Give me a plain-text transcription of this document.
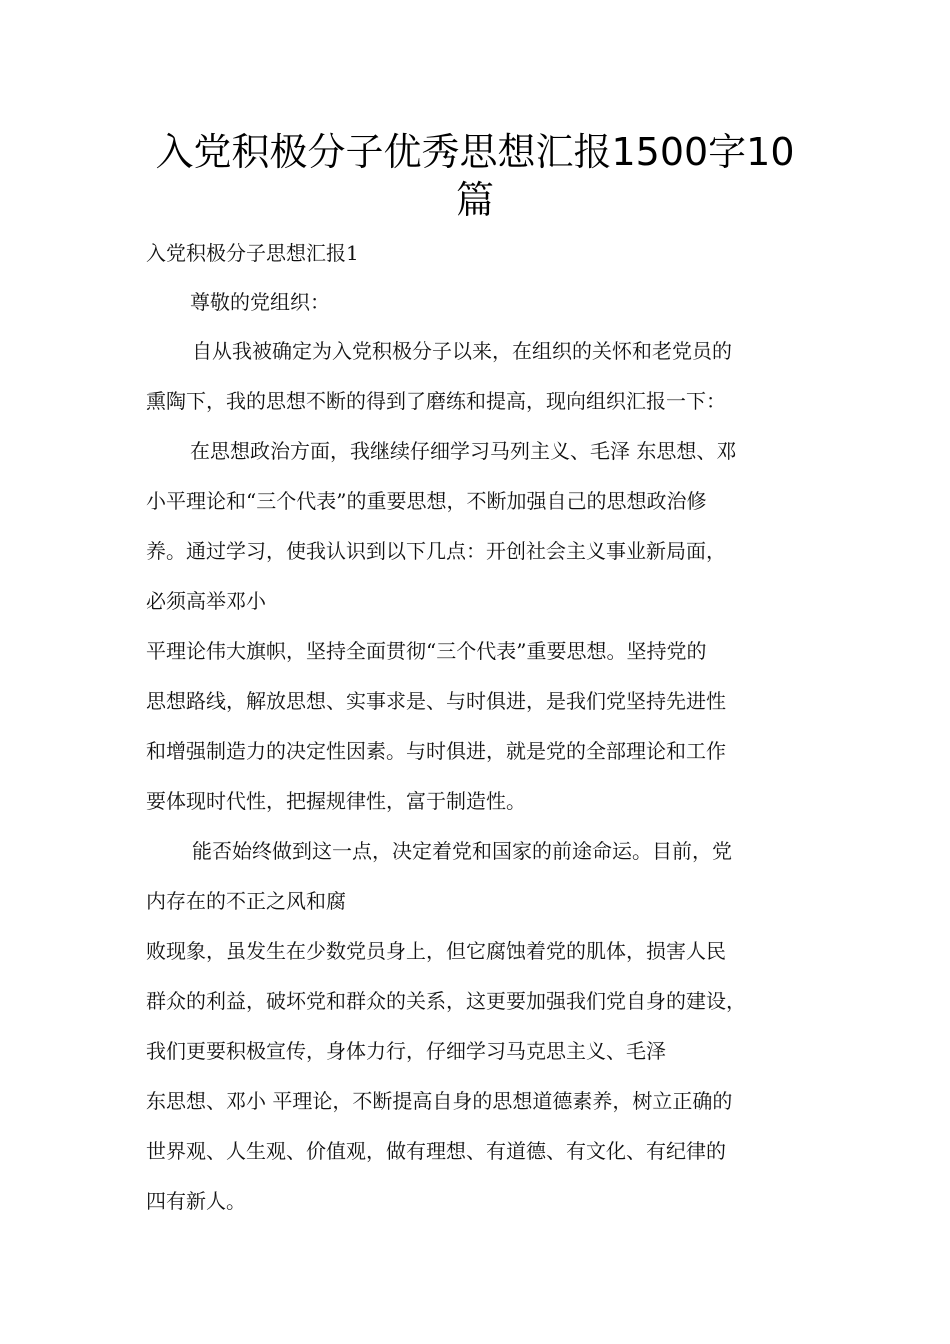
入党积极分子优秀思想汇报1500字10
篇
入党积极分子思想汇报1
尊敬的党组织：
自从我被确定为入党积极分子以来，在组织的关怀和老党员的
熏陶下，我的思想不断的得到了磨练和提高，现向组织汇报一下：
在思想政治方面，我继续仔细学习马列主义、毛泽 东思想、邓
小平理论和“三个代表”的重要思想，不断加强自己的思想政治修
养。通过学习，使我认识到以下几点：开创社会主义事业新局面，
必须高举邓小
平理论伟大旗帜，坚持全面贯彻“三个代表”重要思想。坚持党的
思想路线，解放思想、实事求是、与时俱进，是我们党坚持先进性
和增强制造力的决定性因素。与时俱进，就是党的全部理论和工作
要体现时代性，把握规律性，富于制造性。
能否始终做到这一点，决定着党和国家的前途命运。目前，党
内存在的不正之风和腐
败现象，虽发生在少数党员身上，但它腐蚀着党的肌体，损害人民
群众的利益，破坏党和群众的关系，这更要加强我们党自身的建设，
我们更要积极宣传，身体力行，仔细学习马克思主义、毛泽
东思想、邓小 平理论，不断提高自身的思想道德素养，树立正确的
世界观、人生观、价值观，做有理想、有道德、有文化、有纪律的
四有新人。
